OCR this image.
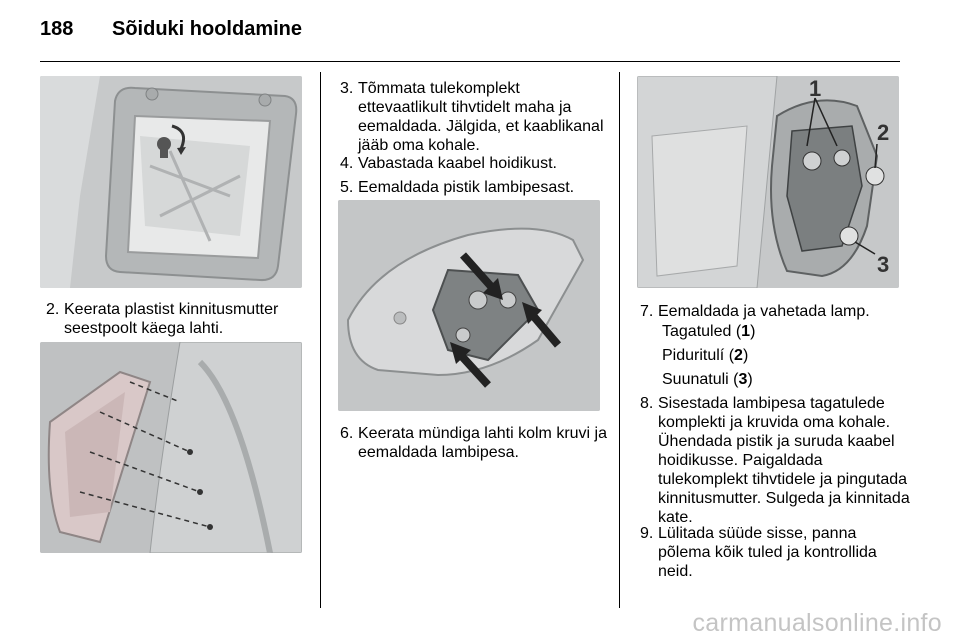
188 Sõiduki hooldamine
2. Keerata plastist kinnitusmutter seestpoolt käega lahti.
3. Tõmmata tulekomplekt ettevaatlikult tihvtidelt maha ja eemaldada. Jälgida, et kaablikanal jääb oma kohale.
4. Vabastada kaabel hoidikust.
5. Eemaldada pistik lambipesast.
6. Keerata mündiga lahti kolm kruvi ja eemaldada lambipesa.
1
2
3
7. Eemaldada ja vahetada lamp.
Tagatuled (1)
Piduritulí (2)
Suunatuli (3)
8. Sisestada lambipesa tagatulede komplekti ja kruvida oma kohale. Ühendada pistik ja suruda kaabel hoidikusse. Paigaldada tulekomplekt tihvtidele ja pingutada kinnitusmutter. Sulgeda ja kinnitada kate.
9. Lülitada süüde sisse, panna põlema kõik tuled ja kontrollida neid.
carmanualsonline.info
